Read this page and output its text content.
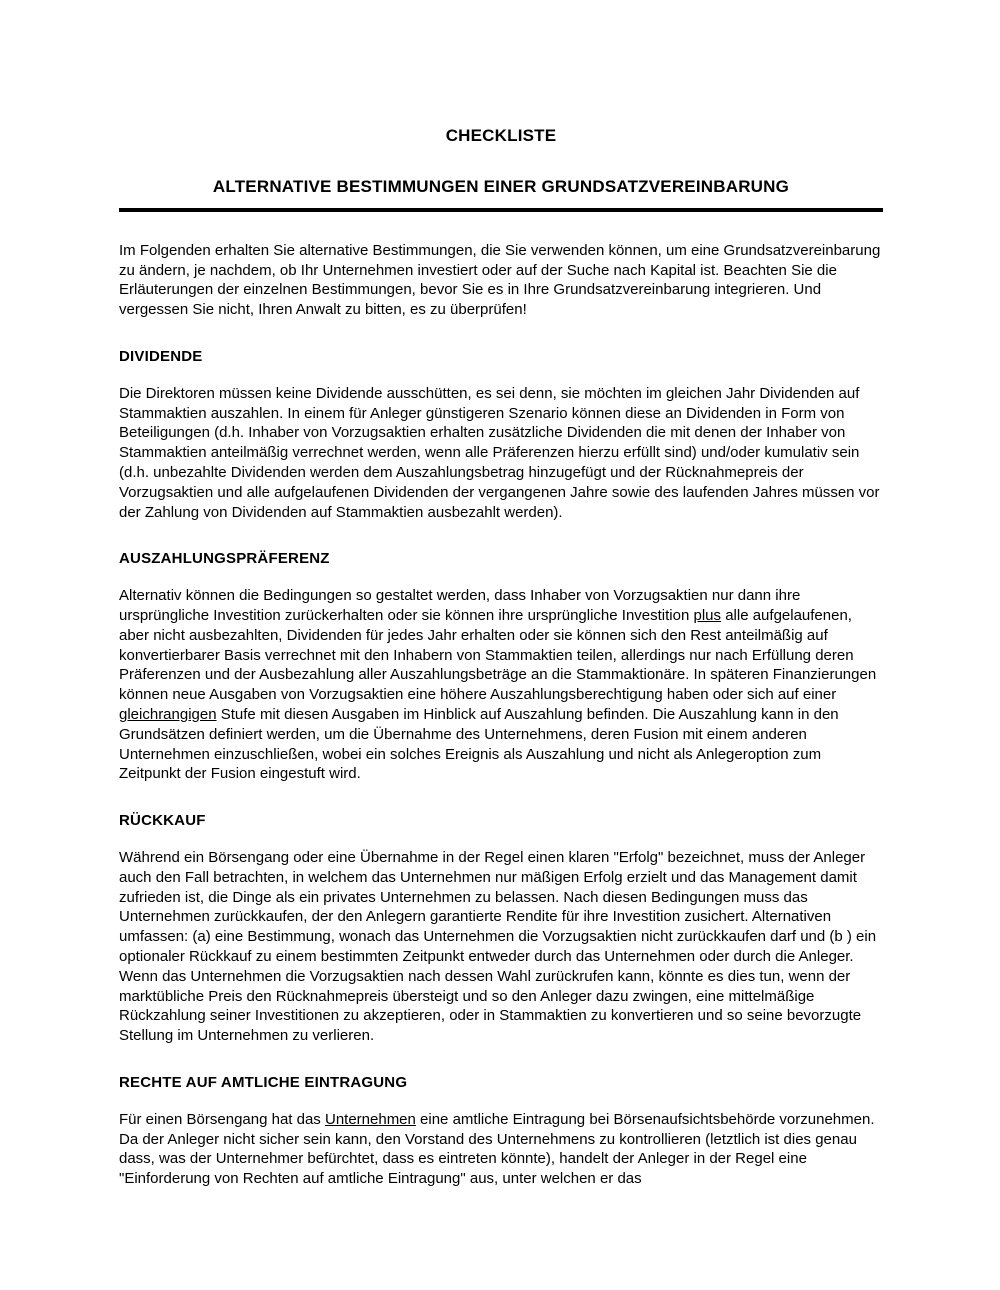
CHECKLISTE
ALTERNATIVE BESTIMMUNGEN EINER GRUNDSATZVEREINBARUNG

Im Folgenden erhalten Sie alternative Bestimmungen, die Sie verwenden können, um eine Grundsatzvereinbarung zu ändern, je nachdem, ob Ihr Unternehmen investiert oder auf der Suche nach Kapital ist. Beachten Sie die Erläuterungen der einzelnen Bestimmungen, bevor Sie es in Ihre Grundsatzvereinbarung integrieren. Und vergessen Sie nicht, Ihren Anwalt zu bitten, es zu überprüfen!

DIVIDENDE

Die Direktoren müssen keine Dividende ausschütten, es sei denn, sie möchten im gleichen Jahr Dividenden auf Stammaktien auszahlen. In einem für Anleger günstigeren Szenario können diese an Dividenden in Form von Beteiligungen (d.h. Inhaber von Vorzugsaktien erhalten zusätzliche Dividenden die mit denen der Inhaber von Stammaktien anteilmäßig verrechnet werden, wenn alle Präferenzen hierzu erfüllt sind) und/oder kumulativ sein (d.h. unbezahlte Dividenden werden dem Auszahlungsbetrag hinzugefügt und der Rücknahmepreis der Vorzugsaktien und alle aufgelaufenen Dividenden der vergangenen Jahre sowie des laufenden Jahres müssen vor der Zahlung von Dividenden auf Stammaktien ausbezahlt werden).

AUSZAHLUNGSPRÄFERENZ

Alternativ können die Bedingungen so gestaltet werden, dass Inhaber von Vorzugsaktien nur dann ihre ursprüngliche Investition zurückerhalten oder sie können ihre ursprüngliche Investition plus alle aufgelaufenen, aber nicht ausbezahlten, Dividenden für jedes Jahr erhalten oder sie können sich den Rest anteilmäßig auf konvertierbarer Basis verrechnet mit den Inhabern von Stammaktien teilen, allerdings nur nach Erfüllung deren Präferenzen und der Ausbezahlung aller Auszahlungsbeträge an die Stammaktionäre. In späteren Finanzierungen können neue Ausgaben von Vorzugsaktien eine höhere Auszahlungsberechtigung haben oder sich auf einer gleichrangigen Stufe mit diesen Ausgaben im Hinblick auf Auszahlung befinden. Die Auszahlung kann in den Grundsätzen definiert werden, um die Übernahme des Unternehmens, deren Fusion mit einem anderen Unternehmen einzuschließen, wobei ein solches Ereignis als Auszahlung und nicht als Anlegeroption zum Zeitpunkt der Fusion eingestuft wird.

RÜCKKAUF

Während ein Börsengang oder eine Übernahme in der Regel einen klaren "Erfolg" bezeichnet, muss der Anleger auch den Fall betrachten, in welchem das Unternehmen nur mäßigen Erfolg erzielt und das Management damit zufrieden ist, die Dinge als ein privates Unternehmen zu belassen. Nach diesen Bedingungen muss das Unternehmen zurückkaufen, der den Anlegern garantierte Rendite für ihre Investition zusichert. Alternativen umfassen: (a) eine Bestimmung, wonach das Unternehmen die Vorzugsaktien nicht zurückkaufen darf und (b ) ein optionaler Rückkauf zu einem bestimmten Zeitpunkt entweder durch das Unternehmen oder durch die Anleger. Wenn das Unternehmen die Vorzugsaktien nach dessen Wahl zurückrufen kann, könnte es dies tun, wenn der marktübliche Preis den Rücknahmepreis übersteigt und so den Anleger dazu zwingen, eine mittelmäßige Rückzahlung seiner Investitionen zu akzeptieren, oder in Stammaktien zu konvertieren und so seine bevorzugte Stellung im Unternehmen zu verlieren.

RECHTE AUF AMTLICHE EINTRAGUNG

Für einen Börsengang hat das Unternehmen eine amtliche Eintragung bei Börsenaufsichtsbehörde vorzunehmen. Da der Anleger nicht sicher sein kann, den Vorstand des Unternehmens zu kontrollieren (letztlich ist dies genau dass, was der Unternehmer befürchtet, dass es eintreten könnte), handelt der Anleger in der Regel eine "Einforderung von Rechten auf amtliche Eintragung" aus, unter welchen er das
